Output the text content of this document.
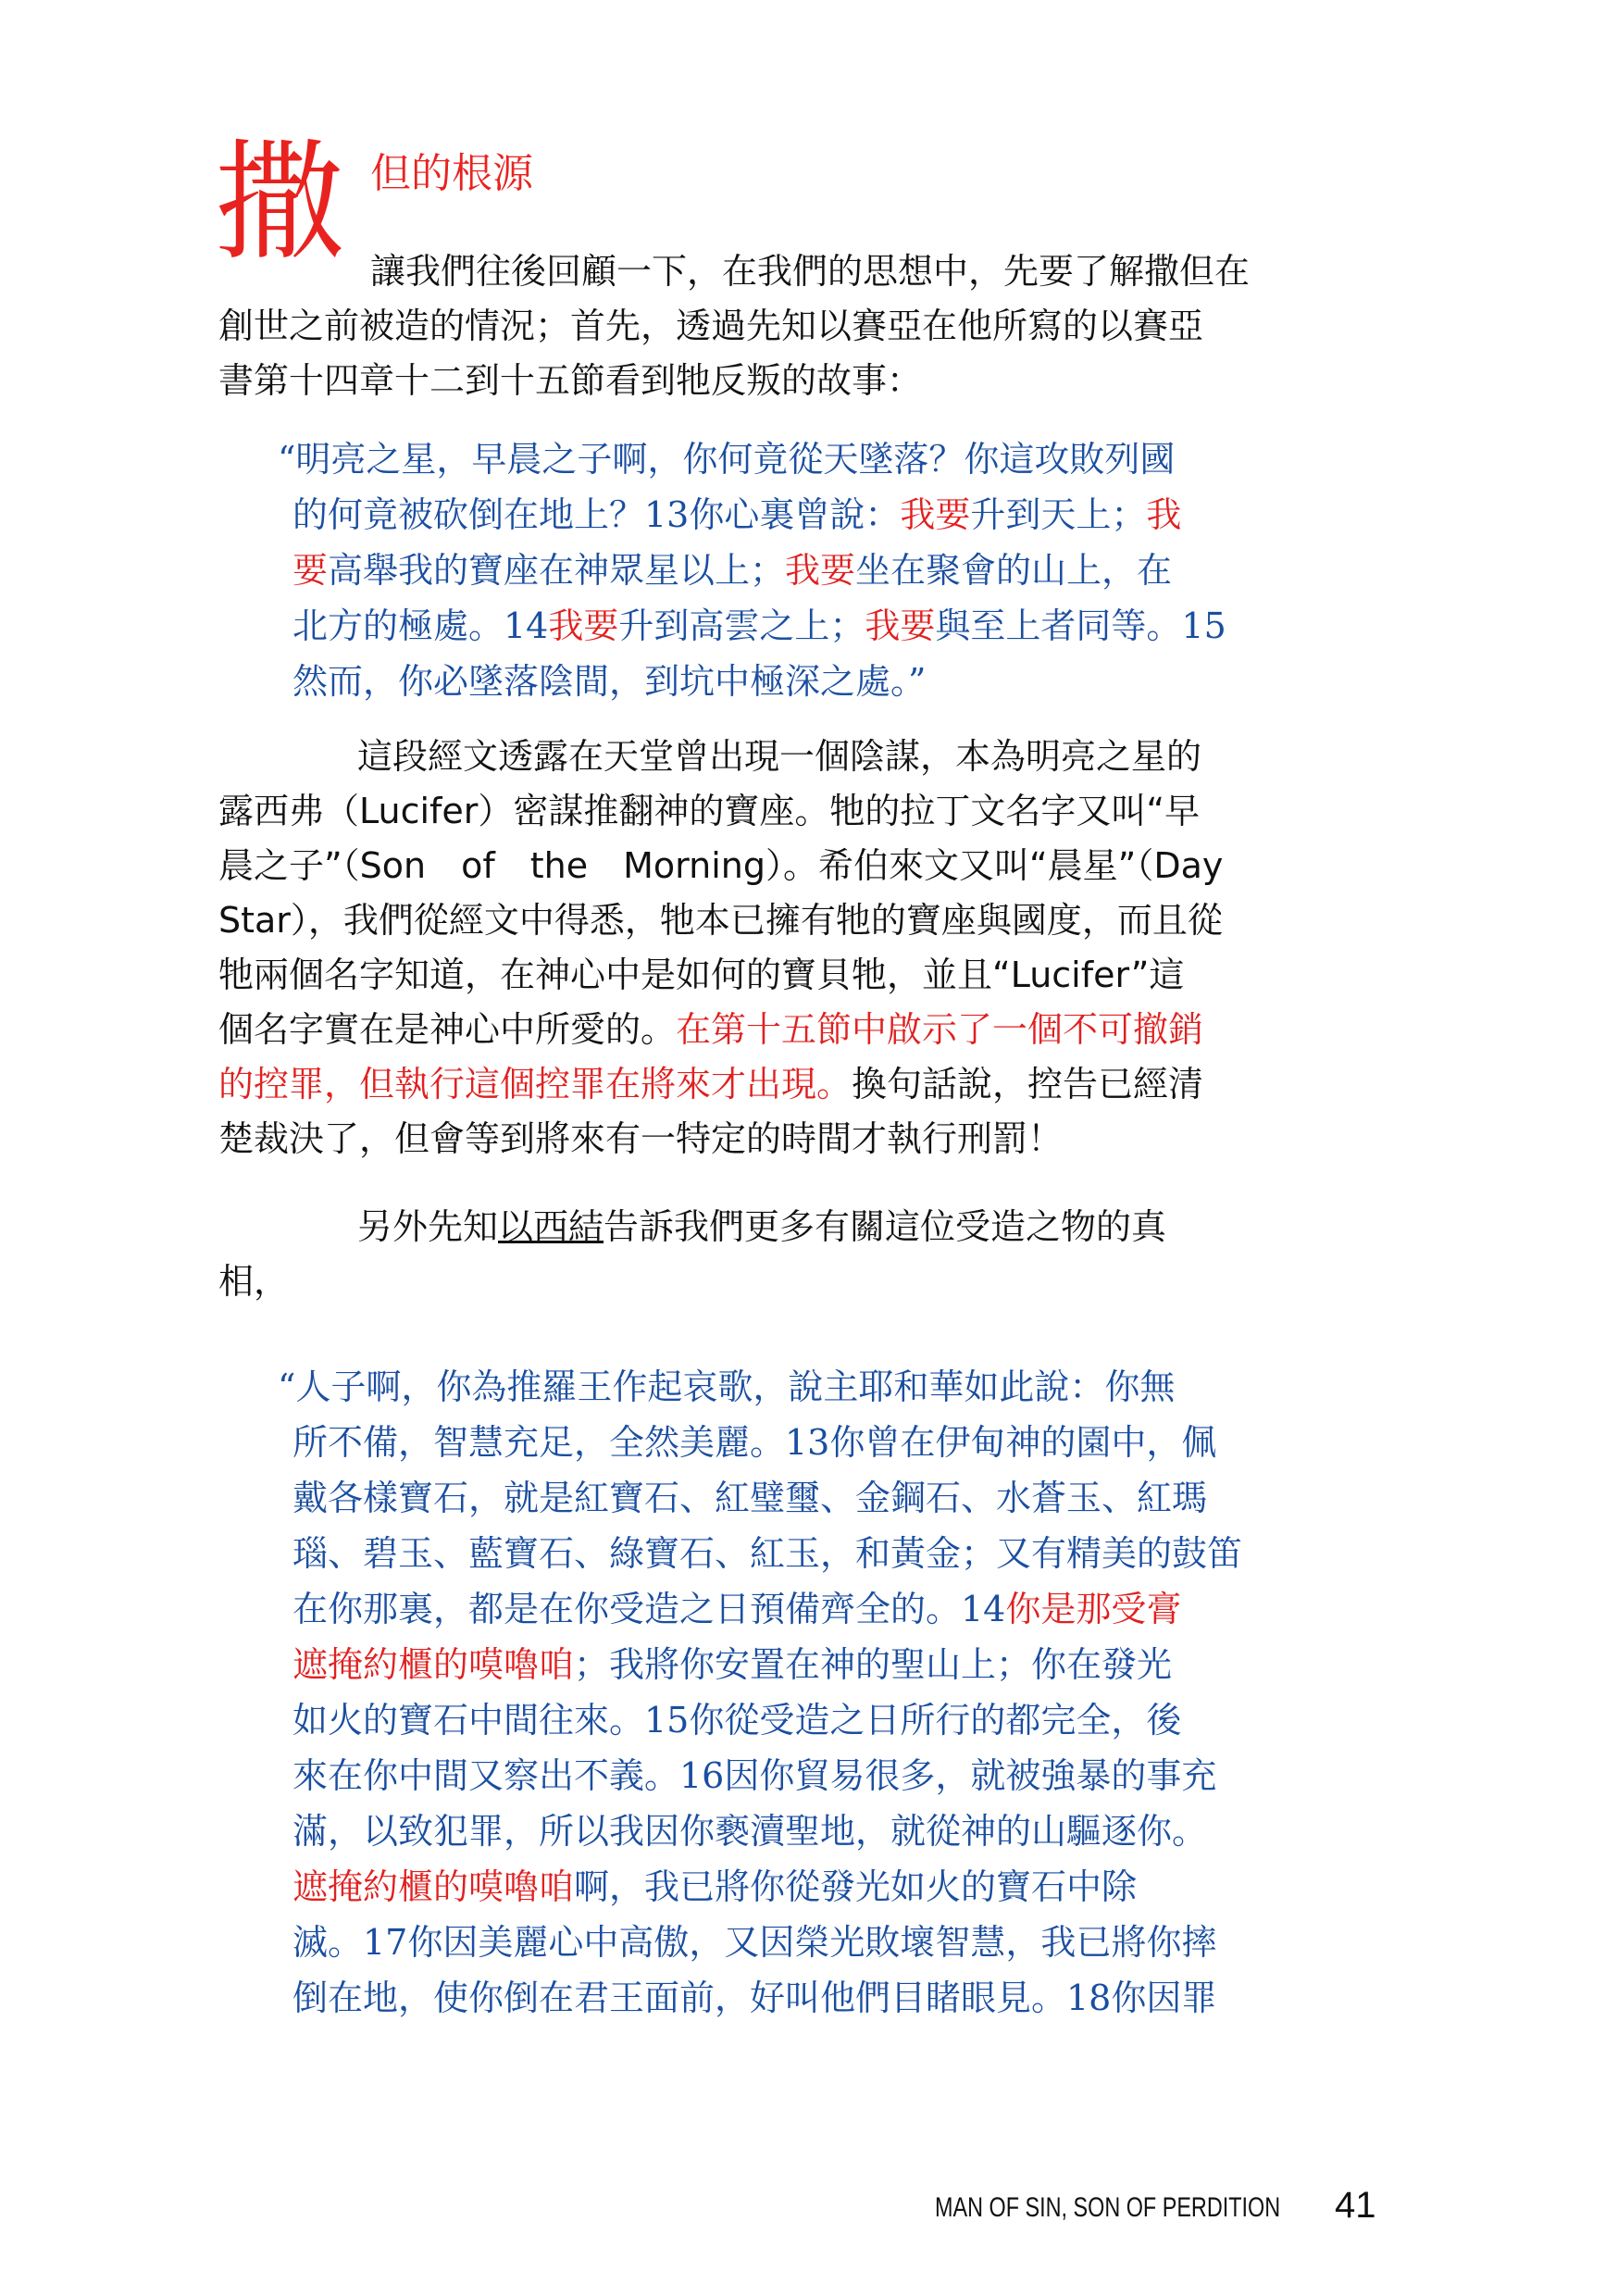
撒 但的根源
讓我們往後回顧一下，在我們的思想中，先要了解撒但在
創世之前被造的情況；首先，透過先知以賽亞在他所寫的以賽亞
書第十四章十二到十五節看到牠反叛的故事：
“明亮之星，早晨之子啊，你何竟從天墜落？你這攻敗列國
的何竟被砍倒在地上？13你心裏曾說：我要升到天上；我
要高舉我的寶座在神眾星以上；我要坐在聚會的山上，在
北方的極處。14我要升到高雲之上；我要與至上者同等。15
然而，你必墜落陰間，到坑中極深之處。”
這段經文透露在天堂曾出現一個陰謀，本為明亮之星的
露西弗（Lucifer）密謀推翻神的寶座。牠的拉丁文名字又叫“早
晨之子”（Son　of　the　Morning）。希伯來文又叫“晨星”（Day
Star），我們從經文中得悉，牠本已擁有牠的寶座與國度，而且從
牠兩個名字知道，在神心中是如何的寶貝牠，並且“Lucifer”這
個名字實在是神心中所愛的。在第十五節中啟示了一個不可撤銷
的控罪，但執行這個控罪在將來才出現。換句話說，控告已經清
楚裁決了，但會等到將來有一特定的時間才執行刑罰！
另外先知以西結告訴我們更多有關這位受造之物的真
相，
“人子啊，你為推羅王作起哀歌，說主耶和華如此說：你無
所不備，智慧充足，全然美麗。13你曾在伊甸神的園中，佩
戴各樣寶石，就是紅寶石、紅璧璽、金鋼石、水蒼玉、紅瑪
瑙、碧玉、藍寶石、綠寶石、紅玉，和黃金；又有精美的鼓笛
在你那裏，都是在你受造之日預備齊全的。14你是那受膏
遮掩約櫃的嗼嚕咱；我將你安置在神的聖山上；你在發光
如火的寶石中間往來。15你從受造之日所行的都完全，後
來在你中間又察出不義。16因你貿易很多，就被強暴的事充
滿，以致犯罪，所以我因你褻瀆聖地，就從神的山驅逐你。
遮掩約櫃的嗼嚕咱啊，我已將你從發光如火的寶石中除
滅。17你因美麗心中高傲，又因榮光敗壞智慧，我已將你摔
倒在地，使你倒在君王面前，好叫他們目睹眼見。18你因罪
MAN OF SIN, SON OF PERDITION 41
